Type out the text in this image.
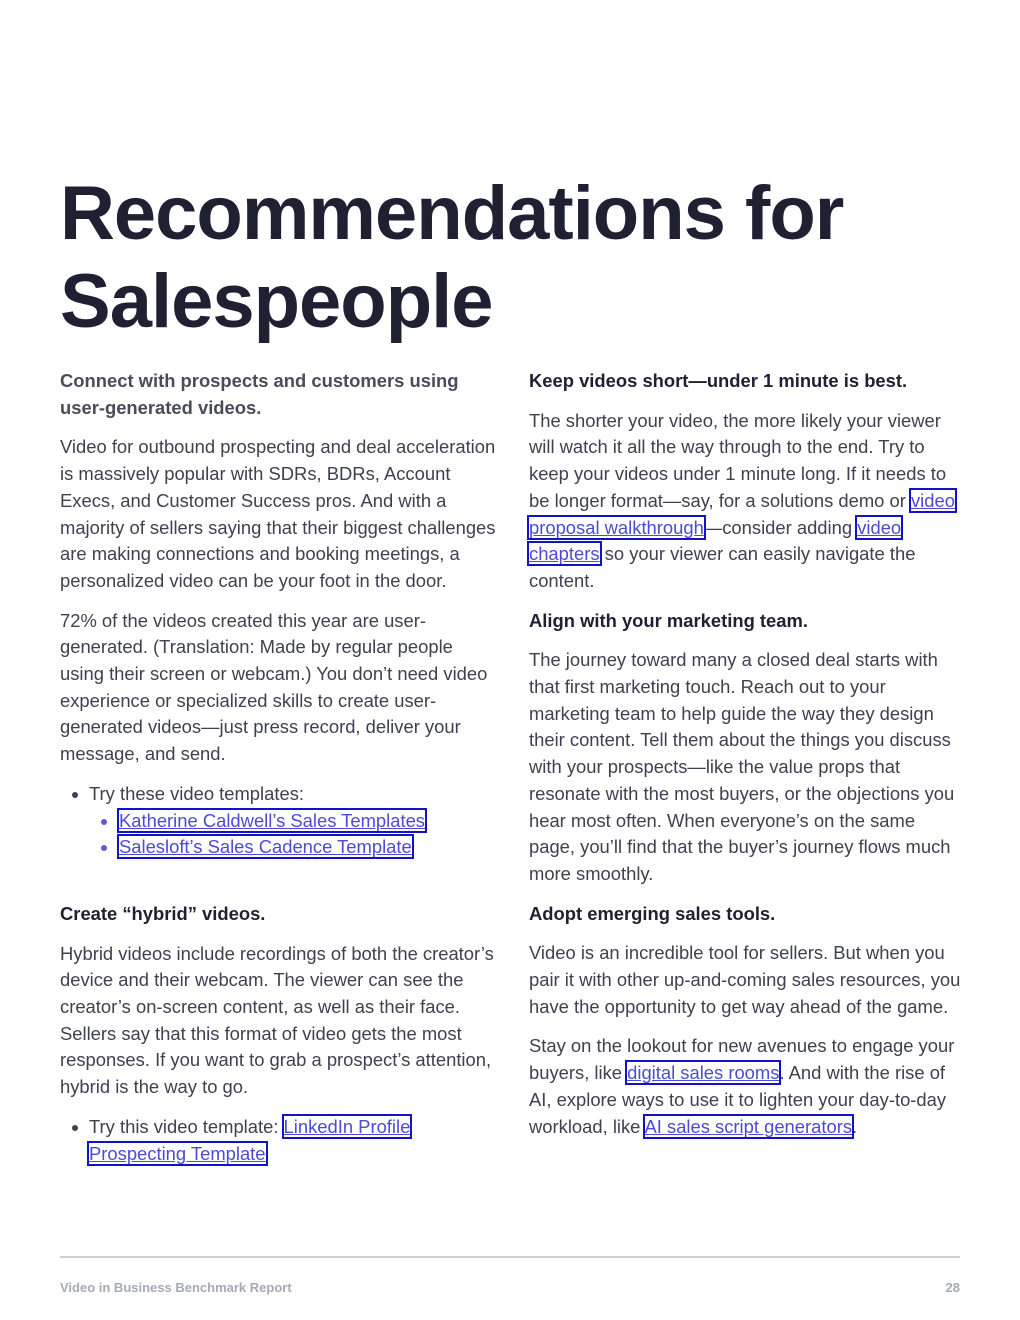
Recommendations for Salespeople

Connect with prospects and customers using user-generated videos.

Video for outbound prospecting and deal acceleration is massively popular with SDRs, BDRs, Account Execs, and Customer Success pros. And with a majority of sellers saying that their biggest challenges are making connections and booking meetings, a personalized video can be your foot in the door.

72% of the videos created this year are user-generated. (Translation: Made by regular people using their screen or webcam.) You don’t need video experience or specialized skills to create user-generated videos—just press record, deliver your message, and send.

Try these video templates:
Katherine Caldwell’s Sales Templates
Salesloft’s Sales Cadence Template
Create “hybrid” videos.

Hybrid videos include recordings of both the creator’s device and their webcam. The viewer can see the creator’s on-screen content, as well as their face. Sellers say that this format of video gets the most responses. If you want to grab a prospect’s attention, hybrid is the way to go.

Try this video template: LinkedIn Profile Prospecting Template
Keep videos short—under 1 minute is best.

The shorter your video, the more likely your viewer will watch it all the way through to the end. Try to keep your videos under 1 minute long. If it needs to be longer format—say, for a solutions demo or video proposal walkthrough—consider adding video chapters so your viewer can easily navigate the content.

Align with your marketing team.

The journey toward many a closed deal starts with that first marketing touch. Reach out to your marketing team to help guide the way they design their content. Tell them about the things you discuss with your prospects—like the value props that resonate with the most buyers, or the objections you hear most often. When everyone’s on the same page, you’ll find that the buyer’s journey flows much more smoothly.

Adopt emerging sales tools.

Video is an incredible tool for sellers. But when you pair it with other up-and-coming sales resources, you have the opportunity to get way ahead of the game.

Stay on the lookout for new avenues to engage your buyers, like digital sales rooms. And with the rise of AI, explore ways to use it to lighten your day-to-day workload, like AI sales script generators.

Video in Business Benchmark Report	28
